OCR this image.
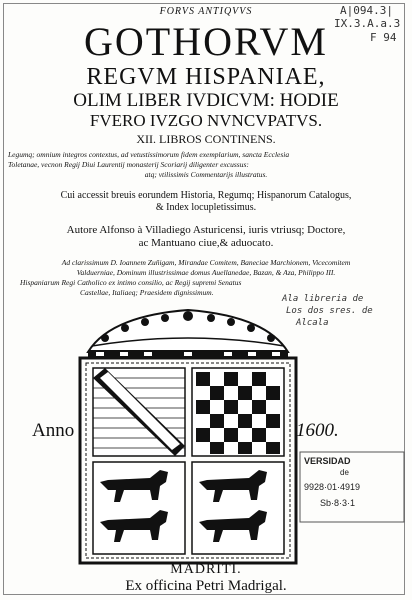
A|094.3|
IX.3.A.a.3
F 94
FORVS ANTIQVVS
GOTHORVM
REGVM HISPANIAE,
OLIM LIBER IVDICVM: HODIE
FVERO IVZGO NVNCVPATVS.
XII. LIBROS CONTINENS.
Legumq; omnium integros contextus, ad vetustissimorum fidem exemplarium, sancta Ecclesia
Toletanae, vecnon Regij Diui Laurentij monasterij Scoriarij diligenter excussus:
atq; vtilissimis Commentarijs illustratus.
Cui accessit breuis eorundem Historia, Regumq; Hispanorum Catalogus,
& Index locupletissimus.
Autore Alfonso à Villadiego Asturicensi, iuris vtriusq; Doctore,
ac Mantuano ciue,& aduocato.
Ad clarissimum D. Ioannem Zuñigam, Mirandae Comitem, Baneciae Marchionem, Vicecomitem
Valduerniae, Dominum illustrissimae domus Auellanedae, Bazan, & Aza, Philippo III.
Hispaniarum Regi Catholico ex intimo consilio, ac Regij supremi Senatus
Castellae, Italiaeq; Praesidem dignissimum.
Ala libreria de
Los dos sres. de
Alcala
Anno	1600.
VERSIDAD
de
9928·01·4919
Sb·8·3·1
MADRITI.
Ex officina Petri Madrigal.
